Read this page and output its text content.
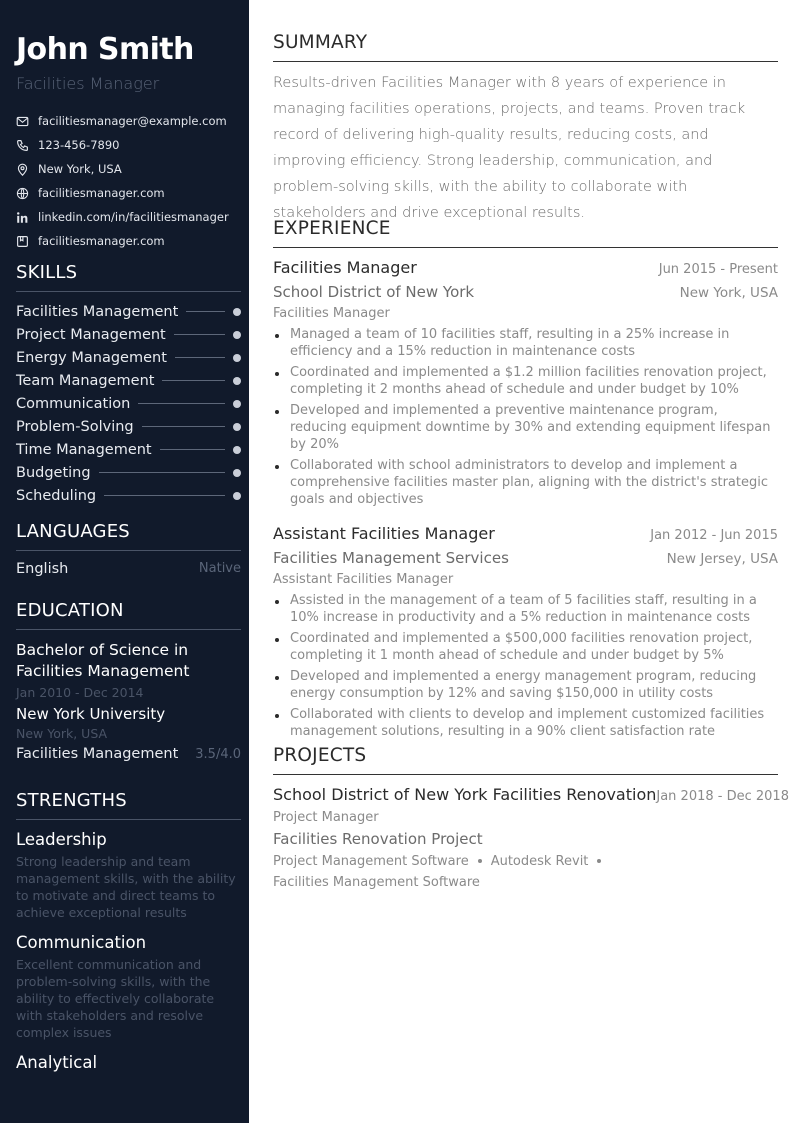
John Smith
Facilities Manager
facilitiesmanager@example.com
123-456-7890
New York, USA
facilitiesmanager.com
linkedin.com/in/facilitiesmanager
facilitiesmanager.com
SKILLS
Facilities Management
Project Management
Energy Management
Team Management
Communication
Problem-Solving
Time Management
Budgeting
Scheduling
LANGUAGES
English	Native
EDUCATION
Bachelor of Science in Facilities Management
Jan 2010 - Dec 2014
New York University
New York, USA
Facilities Management 3.5/4.0
STRENGTHS
Leadership
Strong leadership and team management skills, with the ability to motivate and direct teams to achieve exceptional results
Communication
Excellent communication and problem-solving skills, with the ability to effectively collaborate with stakeholders and resolve complex issues
Analytical
SUMMARY
Results-driven Facilities Manager with 8 years of experience in managing facilities operations, projects, and teams. Proven track record of delivering high-quality results, reducing costs, and improving efficiency. Strong leadership, communication, and problem-solving skills, with the ability to collaborate with stakeholders and drive exceptional results.
EXPERIENCE
Facilities Manager	Jun 2015 - Present
School District of New York	New York, USA
Facilities Manager
Managed a team of 10 facilities staff, resulting in a 25% increase in efficiency and a 15% reduction in maintenance costs
Coordinated and implemented a $1.2 million facilities renovation project, completing it 2 months ahead of schedule and under budget by 10%
Developed and implemented a preventive maintenance program, reducing equipment downtime by 30% and extending equipment lifespan by 20%
Collaborated with school administrators to develop and implement a comprehensive facilities master plan, aligning with the district's strategic goals and objectives
Assistant Facilities Manager	Jan 2012 - Jun 2015
Facilities Management Services	New Jersey, USA
Assistant Facilities Manager
Assisted in the management of a team of 5 facilities staff, resulting in a 10% increase in productivity and a 5% reduction in maintenance costs
Coordinated and implemented a $500,000 facilities renovation project, completing it 1 month ahead of schedule and under budget by 5%
Developed and implemented a energy management program, reducing energy consumption by 12% and saving $150,000 in utility costs
Collaborated with clients to develop and implement customized facilities management solutions, resulting in a 90% client satisfaction rate
PROJECTS
School District of New York Facilities Renovation Jan 2018 - Dec 2018
Project Manager
Facilities Renovation Project
Project Management Software Autodesk Revit
Facilities Management Software
